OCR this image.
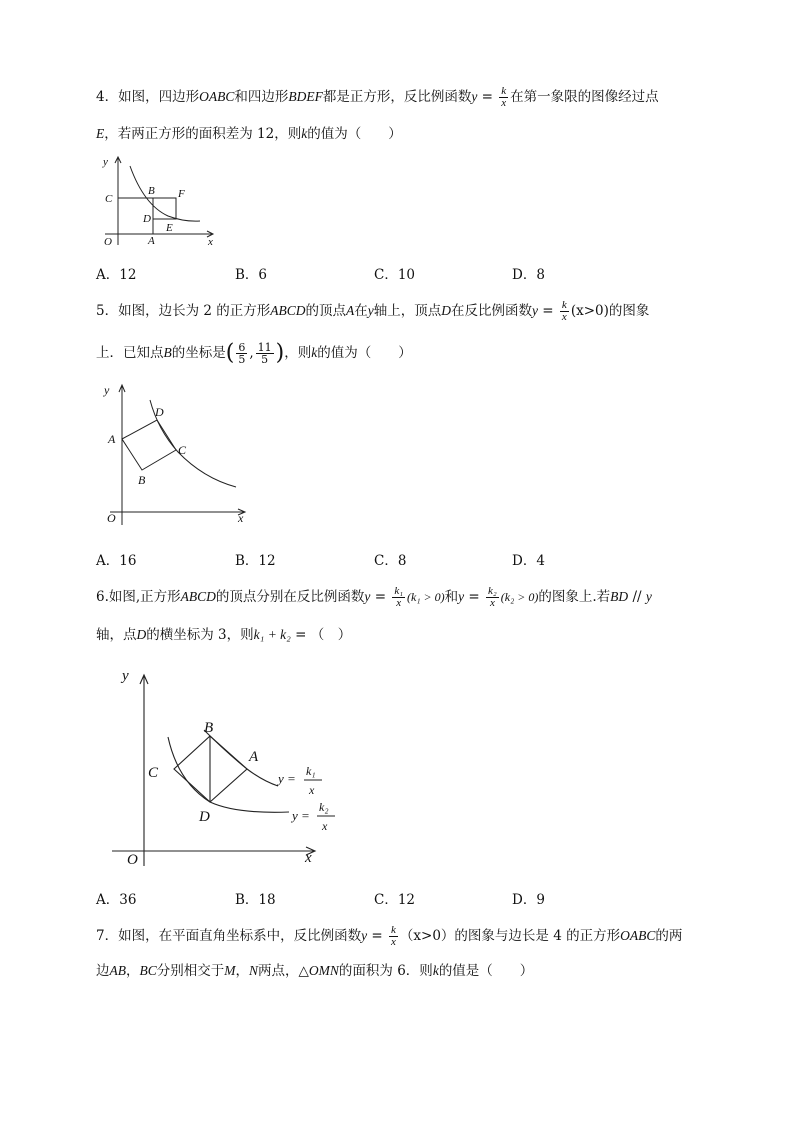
4．如图，四边形OABC和四边形BDEF都是正方形，反比例函数$y = \frac{k}{x}$ 在第一象限的图像经过点
E，若两正方形的面积差为 12，则k的值为（　　）
y
x
O
C
B F
D
E
A
A．12	B．6	C．10	D．8
5．如图，边长为 2 的正方形ABCD的顶点A在y轴上，顶点D在反比例函数$y = \frac{k}{x} (x>0)$的图象
上．已知点B的坐标是( $\frac{6}{5}$ , $\frac{11}{5}$ )，则k的值为（　　）
y
x
O
A
B
C
D
A．16	B．12	C．8	D．4
6.如图,正方形ABCD的顶点分别在反比例函数$y = \frac{\text{k₁}}{x} (k_1 > 0)$和$y = \frac{\text{k₂}}{x} (k_2 > 0)$的图象上.若BD // y
轴，点D的横坐标为 3，则k₁ + k₂ = （　）
y
x
O
B
A
C
D
y = k₁
x
y =
k₂
x
A．36	B．18	C．12	D．9
7．如图，在平面直角坐标系中，反比例函数$y = \frac{k}{x} (x>0)$的图象与边长是 4 的正方形OABC的两
边AB，BC分别相交于M，N两点，△OMN的面积为 6．则k的值是（　　）
